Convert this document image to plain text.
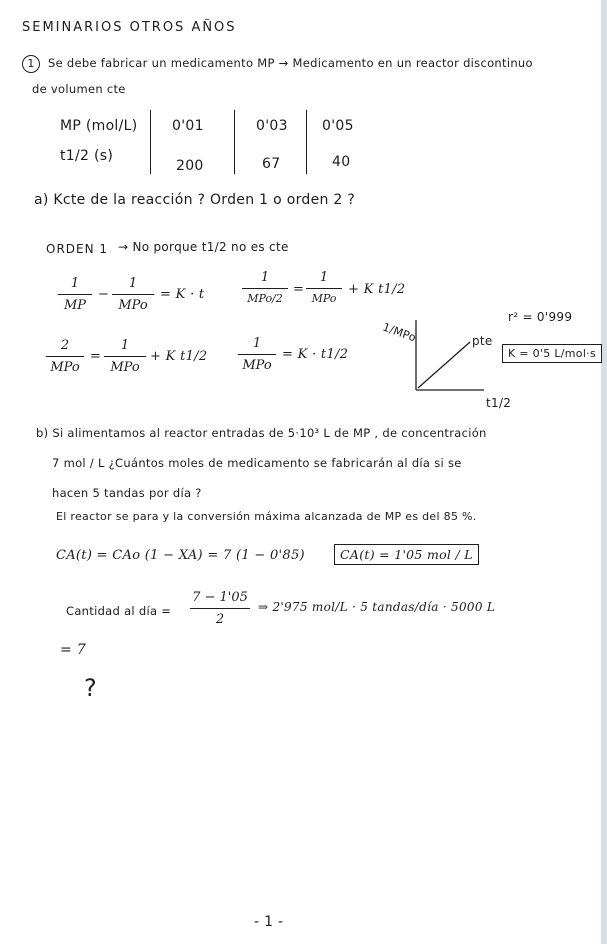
SEMINARIOS OTROS AÑOS
1	Se debe fabricar un medicamento MP → Medicamento en un reactor discontinuo
de volumen cte
MP (mol/L)
t1/2 (s)
0'01
200
0'03
67
0'05
40
a) Kcte de la reacción ? Orden 1 o orden 2 ?
ORDEN 1 → No porque t1/2 no es cte
1
MP
−
1
MPo
= K · t
1
MPo/2
=
1
MPo
+ K t1/2
2
MPo
=
1
MPo
+ K t1/2
1
MPo
= K · t1/2
1/MPo
t1/2
pte
r² = 0'999
K = 0'5 L/mol·s
b) Si alimentamos al reactor entradas de 5·10³ L de MP , de concentración
7 mol / L ¿Cuántos moles de medicamento se fabricarán al día si se
hacen 5 tandas por día ?
El reactor se para y la conversión máxima alcanzada de MP es del 85 %.
CA(t) = CAo (1 − XA) = 7 (1 − 0'85)	CA(t) = 1'05 mol / L
Cantidad al día =
7 − 1'05
2
⇒ 2'975 mol/L · 5 tandas/día · 5000 L
= 7
?
- 1 -
